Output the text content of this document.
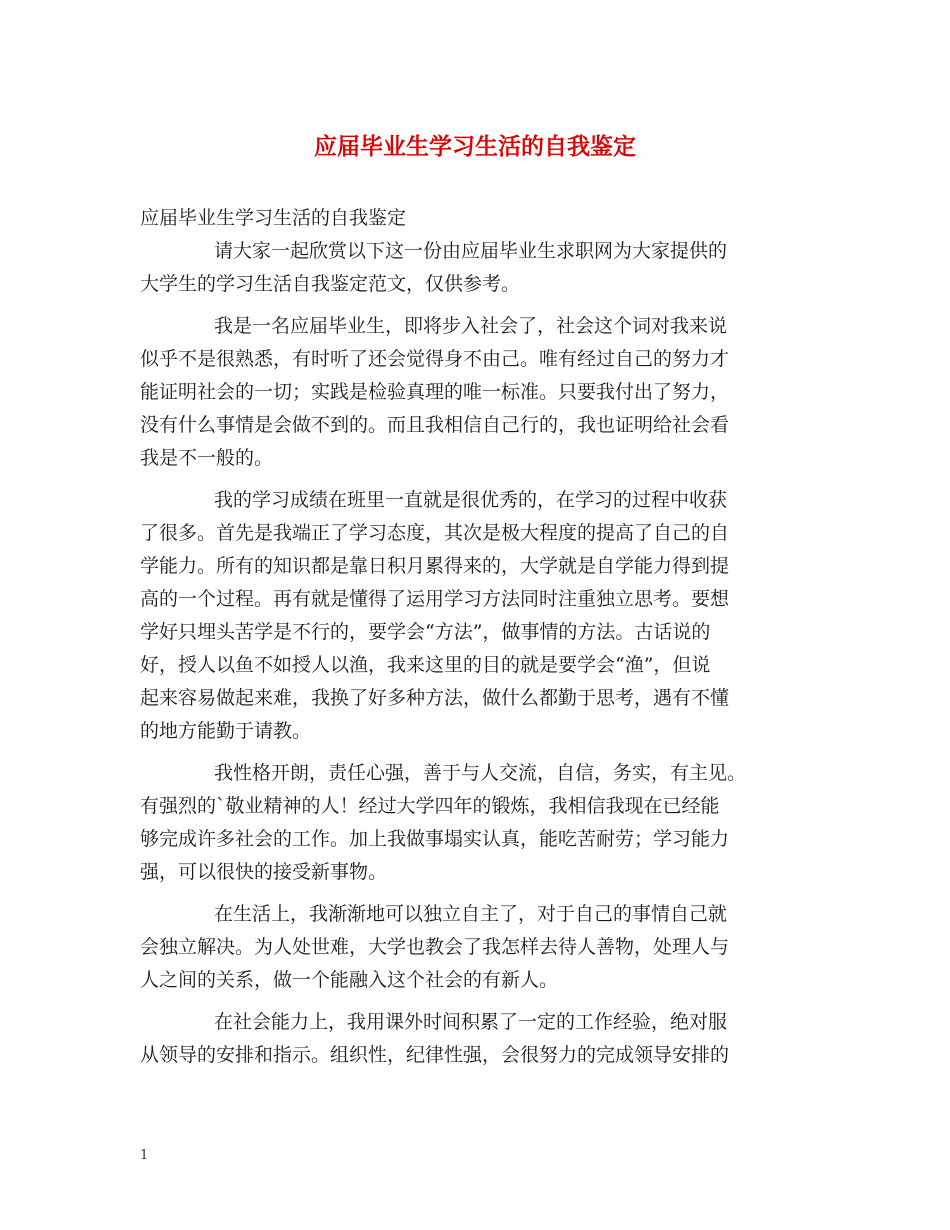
应届毕业生学习生活的自我鉴定
应届毕业生学习生活的自我鉴定
请大家一起欣赏以下这一份由应届毕业生求职网为大家提供的
大学生的学习生活自我鉴定范文，仅供参考。
我是一名应届毕业生，即将步入社会了，社会这个词对我来说
似乎不是很熟悉，有时听了还会觉得身不由己。唯有经过自己的努力才
能证明社会的一切；实践是检验真理的唯一标准。只要我付出了努力，
没有什么事情是会做不到的。而且我相信自己行的，我也证明给社会看
我是不一般的。
我的学习成绩在班里一直就是很优秀的，在学习的过程中收获
了很多。首先是我端正了学习态度，其次是极大程度的提高了自己的自
学能力。所有的知识都是靠日积月累得来的，大学就是自学能力得到提
高的一个过程。再有就是懂得了运用学习方法同时注重独立思考。要想
学好只埋头苦学是不行的，要学会“方法”，做事情的方法。古话说的
好，授人以鱼不如授人以渔，我来这里的目的就是要学会“渔”，但说
起来容易做起来难，我换了好多种方法，做什么都勤于思考，遇有不懂
的地方能勤于请教。
我性格开朗，责任心强，善于与人交流，自信，务实，有主见。
有强烈的`敬业精神的人！经过大学四年的锻炼，我相信我现在已经能
够完成许多社会的工作。加上我做事塌实认真，能吃苦耐劳；学习能力
强，可以很快的接受新事物。
在生活上，我渐渐地可以独立自主了，对于自己的事情自己就
会独立解决。为人处世难，大学也教会了我怎样去待人善物，处理人与
人之间的关系，做一个能融入这个社会的有新人。
在社会能力上，我用课外时间积累了一定的工作经验，绝对服
从领导的安排和指示。组织性，纪律性强，会很努力的完成领导安排的
1
